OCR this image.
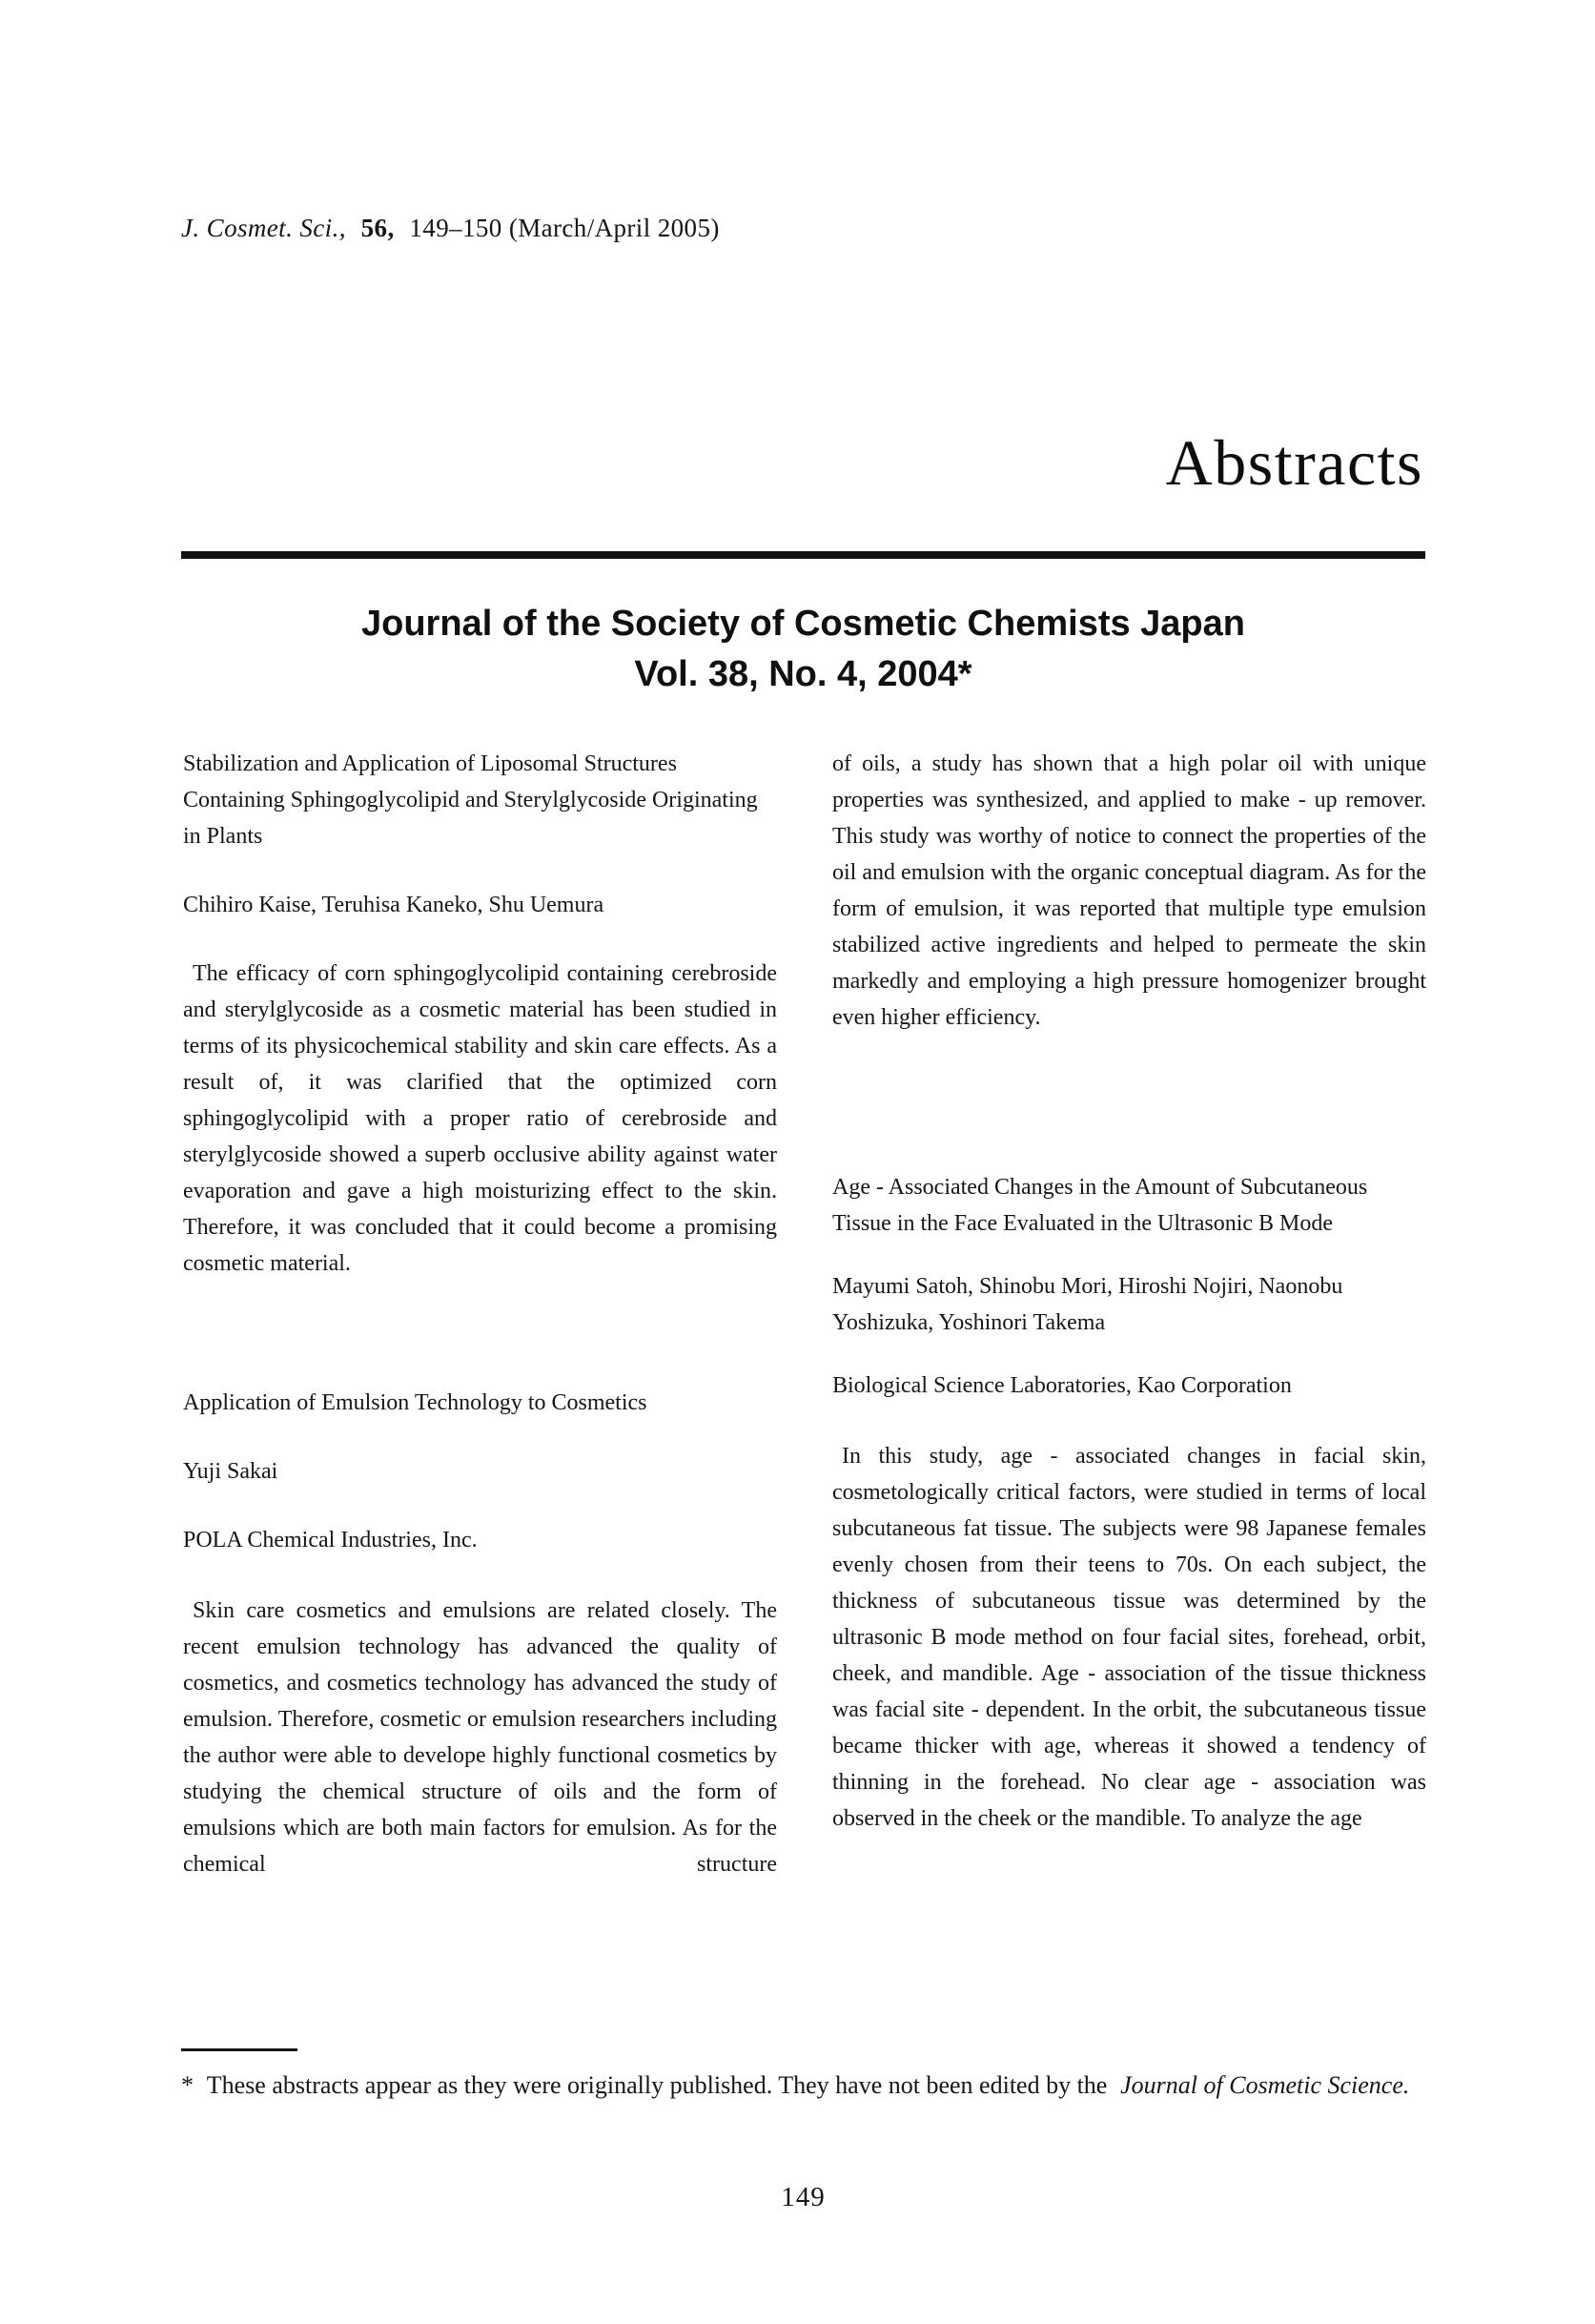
J. Cosmet. Sci., 56, 149–150 (March/April 2005)
Abstracts
Journal of the Society of Cosmetic Chemists Japan
Vol. 38, No. 4, 2004*

Stabilization and Application of Liposomal Structures Containing Sphingoglycolipid and Sterylglycoside Originating in Plants

Chihiro Kaise, Teruhisa Kaneko, Shu Uemura

The efficacy of corn sphingoglycolipid containing cerebroside and sterylglycoside as a cosmetic material has been studied in terms of its physicochemical stability and skin care effects. As a result of, it was clarified that the optimized corn sphingoglycolipid with a proper ratio of cerebroside and sterylglycoside showed a superb occlusive ability against water evaporation and gave a high moisturizing effect to the skin. Therefore, it was concluded that it could become a promising cosmetic material.

Application of Emulsion Technology to Cosmetics

Yuji Sakai

POLA Chemical Industries, Inc.

Skin care cosmetics and emulsions are related closely. The recent emulsion technology has advanced the quality of cosmetics, and cosmetics technology has advanced the study of emulsion. Therefore, cosmetic or emulsion researchers including the author were able to develope highly functional cosmetics by studying the chemical structure of oils and the form of emulsions which are both main factors for emulsion. As for the chemical structure

of oils, a study has shown that a high polar oil with unique properties was synthesized, and applied to make - up remover. This study was worthy of notice to connect the properties of the oil and emulsion with the organic conceptual diagram. As for the form of emulsion, it was reported that multiple type emulsion stabilized active ingredients and helped to permeate the skin markedly and employing a high pressure homogenizer brought even higher efficiency.

Age - Associated Changes in the Amount of Subcutaneous Tissue in the Face Evaluated in the Ultrasonic B Mode

Mayumi Satoh, Shinobu Mori, Hiroshi Nojiri, Naonobu Yoshizuka, Yoshinori Takema

Biological Science Laboratories, Kao Corporation

In this study, age - associated changes in facial skin, cosmetologically critical factors, were studied in terms of local subcutaneous fat tissue. The subjects were 98 Japanese females evenly chosen from their teens to 70s. On each subject, the thickness of subcutaneous tissue was determined by the ultrasonic B mode method on four facial sites, forehead, orbit, cheek, and mandible. Age - association of the tissue thickness was facial site - dependent. In the orbit, the subcutaneous tissue became thicker with age, whereas it showed a tendency of thinning in the forehead. No clear age - association was observed in the cheek or the mandible. To analyze the age

* These abstracts appear as they were originally published. They have not been edited by the Journal of Cosmetic Science.
149
